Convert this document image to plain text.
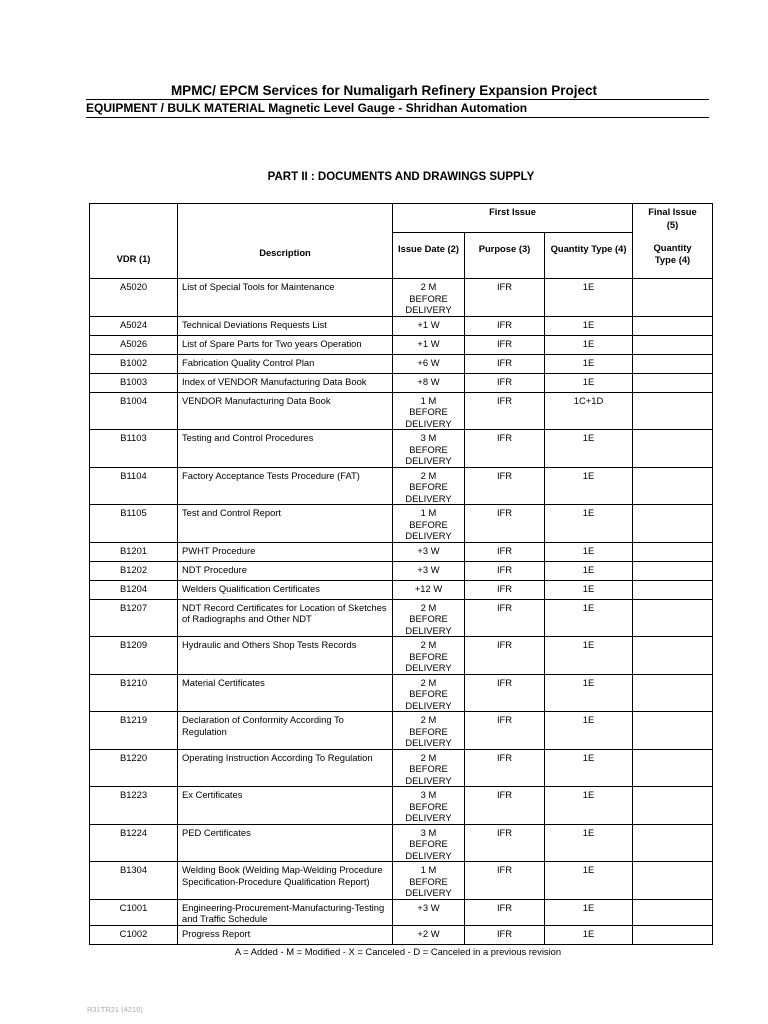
MPMC/ EPCM Services for Numaligarh Refinery Expansion Project
EQUIPMENT / BULK MATERIAL Magnetic Level Gauge - Shridhan Automation
PART II : DOCUMENTS AND DRAWINGS SUPPLY
VDR (1)	Description	First Issue			Final Issue (5)
Quantity Type (4)

		Issue Date (2)	Purpose (3)	Quantity Type (4)	
A5020	List of Special Tools for Maintenance	2 M BEFORE DELIVERY	IFR	1E	
A5024	Technical Deviations Requests List	+1 W	IFR	1E	
A5026	List of Spare Parts for Two years Operation	+1 W	IFR	1E	
B1002	Fabrication Quality Control Plan	+6 W	IFR	1E	
B1003	Index of VENDOR Manufacturing Data Book	+8 W	IFR	1E	
B1004	VENDOR Manufacturing Data Book	1 M BEFORE DELIVERY	IFR	1C+1D	
B1103	Testing and Control Procedures	3 M BEFORE DELIVERY	IFR	1E	
B1104	Factory Acceptance Tests Procedure (FAT)	2 M BEFORE DELIVERY	IFR	1E	
B1105	Test and Control Report	1 M BEFORE DELIVERY	IFR	1E	
B1201	PWHT Procedure	+3 W	IFR	1E	
B1202	NDT Procedure	+3 W	IFR	1E	
B1204	Welders Qualification Certificates	+12 W	IFR	1E	
B1207	NDT Record Certificates for Location of Sketches of Radiographs and Other NDT	2 M BEFORE DELIVERY	IFR	1E	
B1209	Hydraulic and Others Shop Tests Records	2 M BEFORE DELIVERY	IFR	1E	
B1210	Material Certificates	2 M BEFORE DELIVERY	IFR	1E	
B1219	Declaration of Conformity According To Regulation	2 M BEFORE DELIVERY	IFR	1E	
B1220	Operating Instruction According To Regulation	2 M BEFORE DELIVERY	IFR	1E	
B1223	Ex Certificates	3 M BEFORE DELIVERY	IFR	1E	
B1224	PED Certificates	3 M BEFORE DELIVERY	IFR	1E	
B1304	Welding Book (Welding Map-Welding Procedure Specification-Procedure Qualification Report)	1 M BEFORE DELIVERY	IFR	1E	
C1001	Engineering-Procurement-Manufacturing-Testing and Traffic Schedule	+3 W	IFR	1E	
C1002	Progress Report	+2 W	IFR	1E	
A = Added - M = Modified - X = Canceled - D = Canceled in a previous revision
R31TR21 (4210)
